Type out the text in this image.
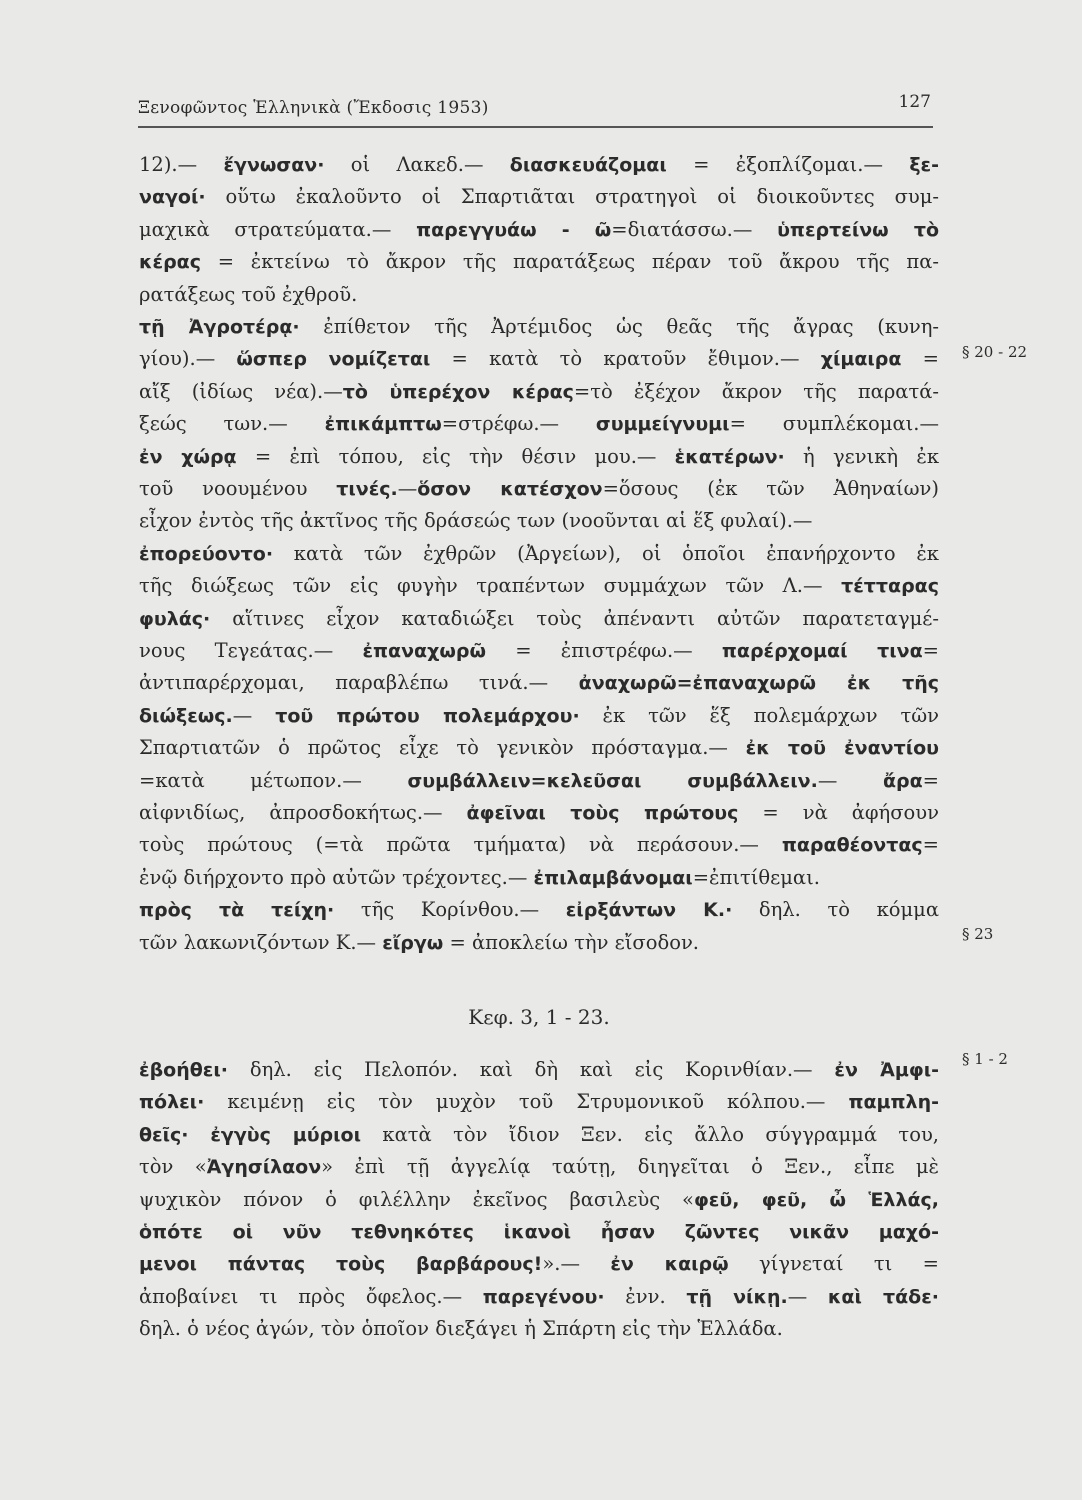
Ξενοφῶντος Ἑλληνικὰ (Ἔκδοσις 1953)	127
Κεφ. 3, 1 - 23.
12).— ἔγνωσαν· οἱ Λακεδ.— διασκευάζομαι = ἐξοπλίζομαι.— ξε-
ναγοί· οὕτω ἐκαλοῦντο οἱ Σπαρτιᾶται στρατηγοὶ οἱ διοικοῦντες συμ-
μαχικὰ στρατεύματα.— παρεγγυάω - ῶ=διατάσσω.— ὑπερτείνω τὸ
κέρας = ἐκτείνω τὸ ἄκρον τῆς παρατάξεως πέραν τοῦ ἄκρου τῆς πα-
ρατάξεως τοῦ ἐχθροῦ.
τῇ Ἀγροτέρᾳ· ἐπίθετον τῆς Ἀρτέμιδος ὡς θεᾶς τῆς ἄγρας (κυνη-
γίου).— ὥσπερ νομίζεται = κατὰ τὸ κρατοῦν ἔθιμον.— χίμαιρα =
αἴξ (ἰδίως νέα).—τὸ ὑπερέχον κέρας=τὸ ἐξέχον ἄκρον τῆς παρατά-
ξεώς των.— ἐπικάμπτω=στρέφω.— συμμείγνυμι= συμπλέκομαι.—
ἐν χώρᾳ = ἐπὶ τόπου, εἰς τὴν θέσιν μου.— ἑκατέρων· ἡ γενικὴ ἐκ
τοῦ νοουμένου τινές.—ὅσον κατέσχον=ὅσους (ἐκ τῶν Ἀθηναίων)
εἶχον ἐντὸς τῆς ἀκτῖνος τῆς δράσεώς των (νοοῦνται αἱ ἕξ φυλαί).—
ἐπορεύοντο· κατὰ τῶν ἐχθρῶν (Ἀργείων), οἱ ὁποῖοι ἐπανήρχοντο ἐκ
τῆς διώξεως τῶν εἰς φυγὴν τραπέντων συμμάχων τῶν Λ.— τέτταρας
φυλάς· αἵτινες εἶχον καταδιώξει τοὺς ἀπέναντι αὐτῶν παρατεταγμέ-
νους Τεγεάτας.— ἐπαναχωρῶ = ἐπιστρέφω.— παρέρχομαί τινα=
ἀντιπαρέρχομαι, παραβλέπω τινά.— ἀναχωρῶ=ἐπαναχωρῶ ἐκ τῆς
διώξεως.— τοῦ πρώτου πολεμάρχου· ἐκ τῶν ἕξ πολεμάρχων τῶν
Σπαρτιατῶν ὁ πρῶτος εἶχε τὸ γενικὸν πρόσταγμα.— ἐκ τοῦ ἐναντίου
=κατὰ μέτωπον.— συμβάλλειν=κελεῦσαι συμβάλλειν.— ἄρα=
αἰφνιδίως, ἀπροσδοκήτως.— ἀφεῖναι τοὺς πρώτους = νὰ ἀφήσουν
τοὺς πρώτους (=τὰ πρῶτα τμήματα) νὰ περάσουν.— παραθέοντας=
ἐνῷ διήρχοντο πρὸ αὐτῶν τρέχοντες.— ἐπιλαμβάνομαι=ἐπιτίθεμαι.
πρὸς τὰ τείχη· τῆς Κορίνθου.— εἰρξάντων Κ.· δηλ. τὸ κόμμα
τῶν λακωνιζόντων Κ.— εἴργω = ἀποκλείω τὴν εἴσοδον.
ἐβοήθει· δηλ. εἰς Πελοπόν. καὶ δὴ καὶ εἰς Κορινθίαν.— ἐν Ἀμφι-
πόλει· κειμένῃ εἰς τὸν μυχὸν τοῦ Στρυμονικοῦ κόλπου.— παμπλη-
θεῖς· ἐγγὺς μύριοι κατὰ τὸν ἴδιον Ξεν. εἰς ἄλλο σύγγραμμά του,
τὸν «Ἀγησίλαον» ἐπὶ τῇ ἀγγελίᾳ ταύτῃ, διηγεῖται ὁ Ξεν., εἶπε μὲ
ψυχικὸν πόνον ὁ φιλέλλην ἐκεῖνος βασιλεὺς «φεῦ, φεῦ, ὦ Ἑλλάς,
ὁπότε οἱ νῦν τεθνηκότες ἱκανοὶ ἦσαν ζῶντες νικᾶν μαχό-
μενοι πάντας τοὺς βαρβάρους!».— ἐν καιρῷ γίγνεταί τι =
ἀποβαίνει τι πρὸς ὄφελος.— παρεγένου· ἐνν. τῇ νίκῃ.— καὶ τάδε·
δηλ. ὁ νέος ἀγών, τὸν ὁποῖον διεξάγει ἡ Σπάρτη εἰς τὴν Ἑλλάδα.
§ 20 - 22
§ 23
§ 1 - 2
